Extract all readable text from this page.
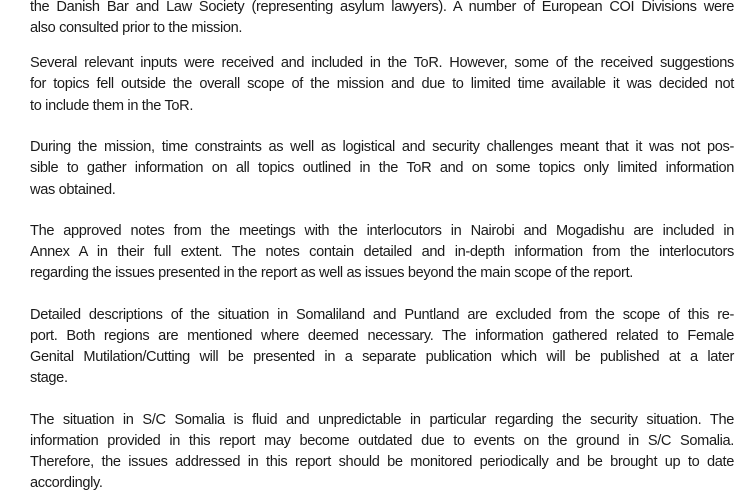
the Danish Bar and Law Society (representing asylum lawyers). A number of European COI Divisions were
also consulted prior to the mission.
Several relevant inputs were received and included in the ToR. However, some of the received suggestions
for topics fell outside the overall scope of the mission and due to limited time available it was decided not
to include them in the ToR.
During the mission, time constraints as well as logistical and security challenges meant that it was not pos-
sible to gather information on all topics outlined in the ToR and on some topics only limited information
was obtained.
The approved notes from the meetings with the interlocutors in Nairobi and Mogadishu are included in
Annex A in their full extent. The notes contain detailed and in-depth information from the interlocutors
regarding the issues presented in the report as well as issues beyond the main scope of the report.
Detailed descriptions of the situation in Somaliland and Puntland are excluded from the scope of this re-
port. Both regions are mentioned where deemed necessary. The information gathered related to Female
Genital Mutilation/Cutting will be presented in a separate publication which will be published at a later
stage.
The situation in S/C Somalia is fluid and unpredictable in particular regarding the security situation. The
information provided in this report may become outdated due to events on the ground in S/C Somalia.
Therefore, the issues addressed in this report should be monitored periodically and be brought up to date
accordingly.
